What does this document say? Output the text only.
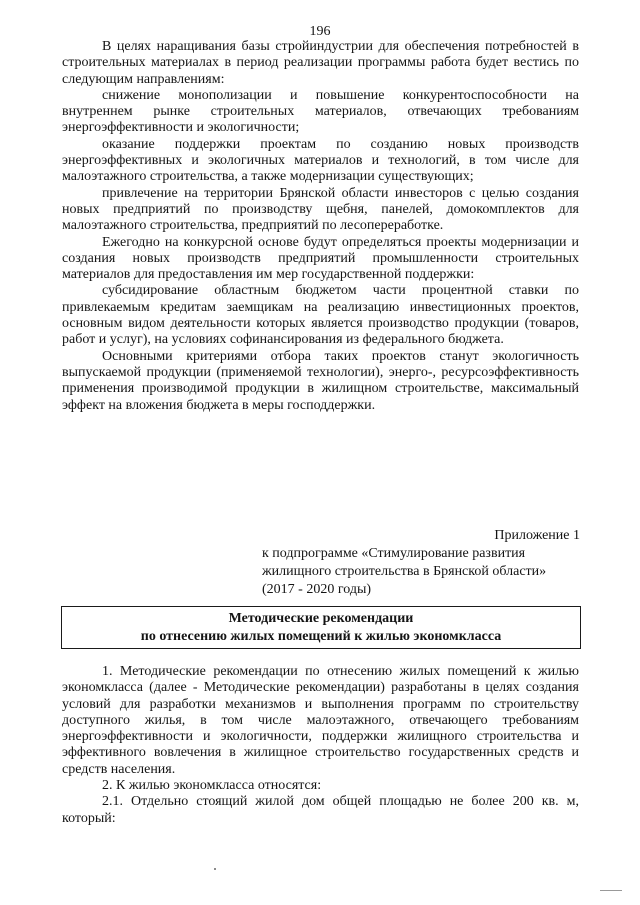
196

В целях наращивания базы стройиндустрии для обеспечения потребностей в строительных материалах в период реализации программы работа будет вестись по следующим направлениям:

снижение монополизации и повышение конкурентоспособности на внутреннем рынке строительных материалов, отвечающих требованиям энергоэффективности и экологичности;

оказание поддержки проектам по созданию новых производств энергоэффективных и экологичных материалов и технологий, в том числе для малоэтажного строительства, а также модернизации существующих;

привлечение на территории Брянской области инвесторов с целью создания новых предприятий по производству щебня, панелей, домокомплектов для малоэтажного строительства, предприятий по лесопереработке.

Ежегодно на конкурсной основе будут определяться проекты модернизации и создания новых производств предприятий промышленности строительных материалов для предоставления им мер государственной поддержки:

субсидирование областным бюджетом части процентной ставки по привлекаемым кредитам заемщикам на реализацию инвестиционных проектов, основным видом деятельности которых является производство продукции (товаров, работ и услуг), на условиях софинансирования из федерального бюджета.

Основными критериями отбора таких проектов станут экологичность выпускаемой продукции (применяемой технологии), энерго-, ресурсоэффективность применения производимой продукции в жилищном строительстве, максимальный эффект на вложения бюджета в меры господдержки.

Приложение 1
к подпрограмме «Стимулирование развития
жилищного строительства в Брянской области»
(2017 - 2020 годы)
Методические рекомендации
по отнесению жилых помещений к жилью экономкласса

1. Методические рекомендации по отнесению жилых помещений к жилью экономкласса (далее - Методические рекомендации) разработаны в целях создания условий для разработки механизмов и выполнения программ по строительству доступного жилья, в том числе малоэтажного, отвечающего требованиям энергоэффективности и экологичности, поддержки жилищного строительства и эффективного вовлечения в жилищное строительство государственных средств и средств населения.

2. К жилью экономкласса относятся:

2.1. Отдельно стоящий жилой дом общей площадью не более 200 кв. м, который:
